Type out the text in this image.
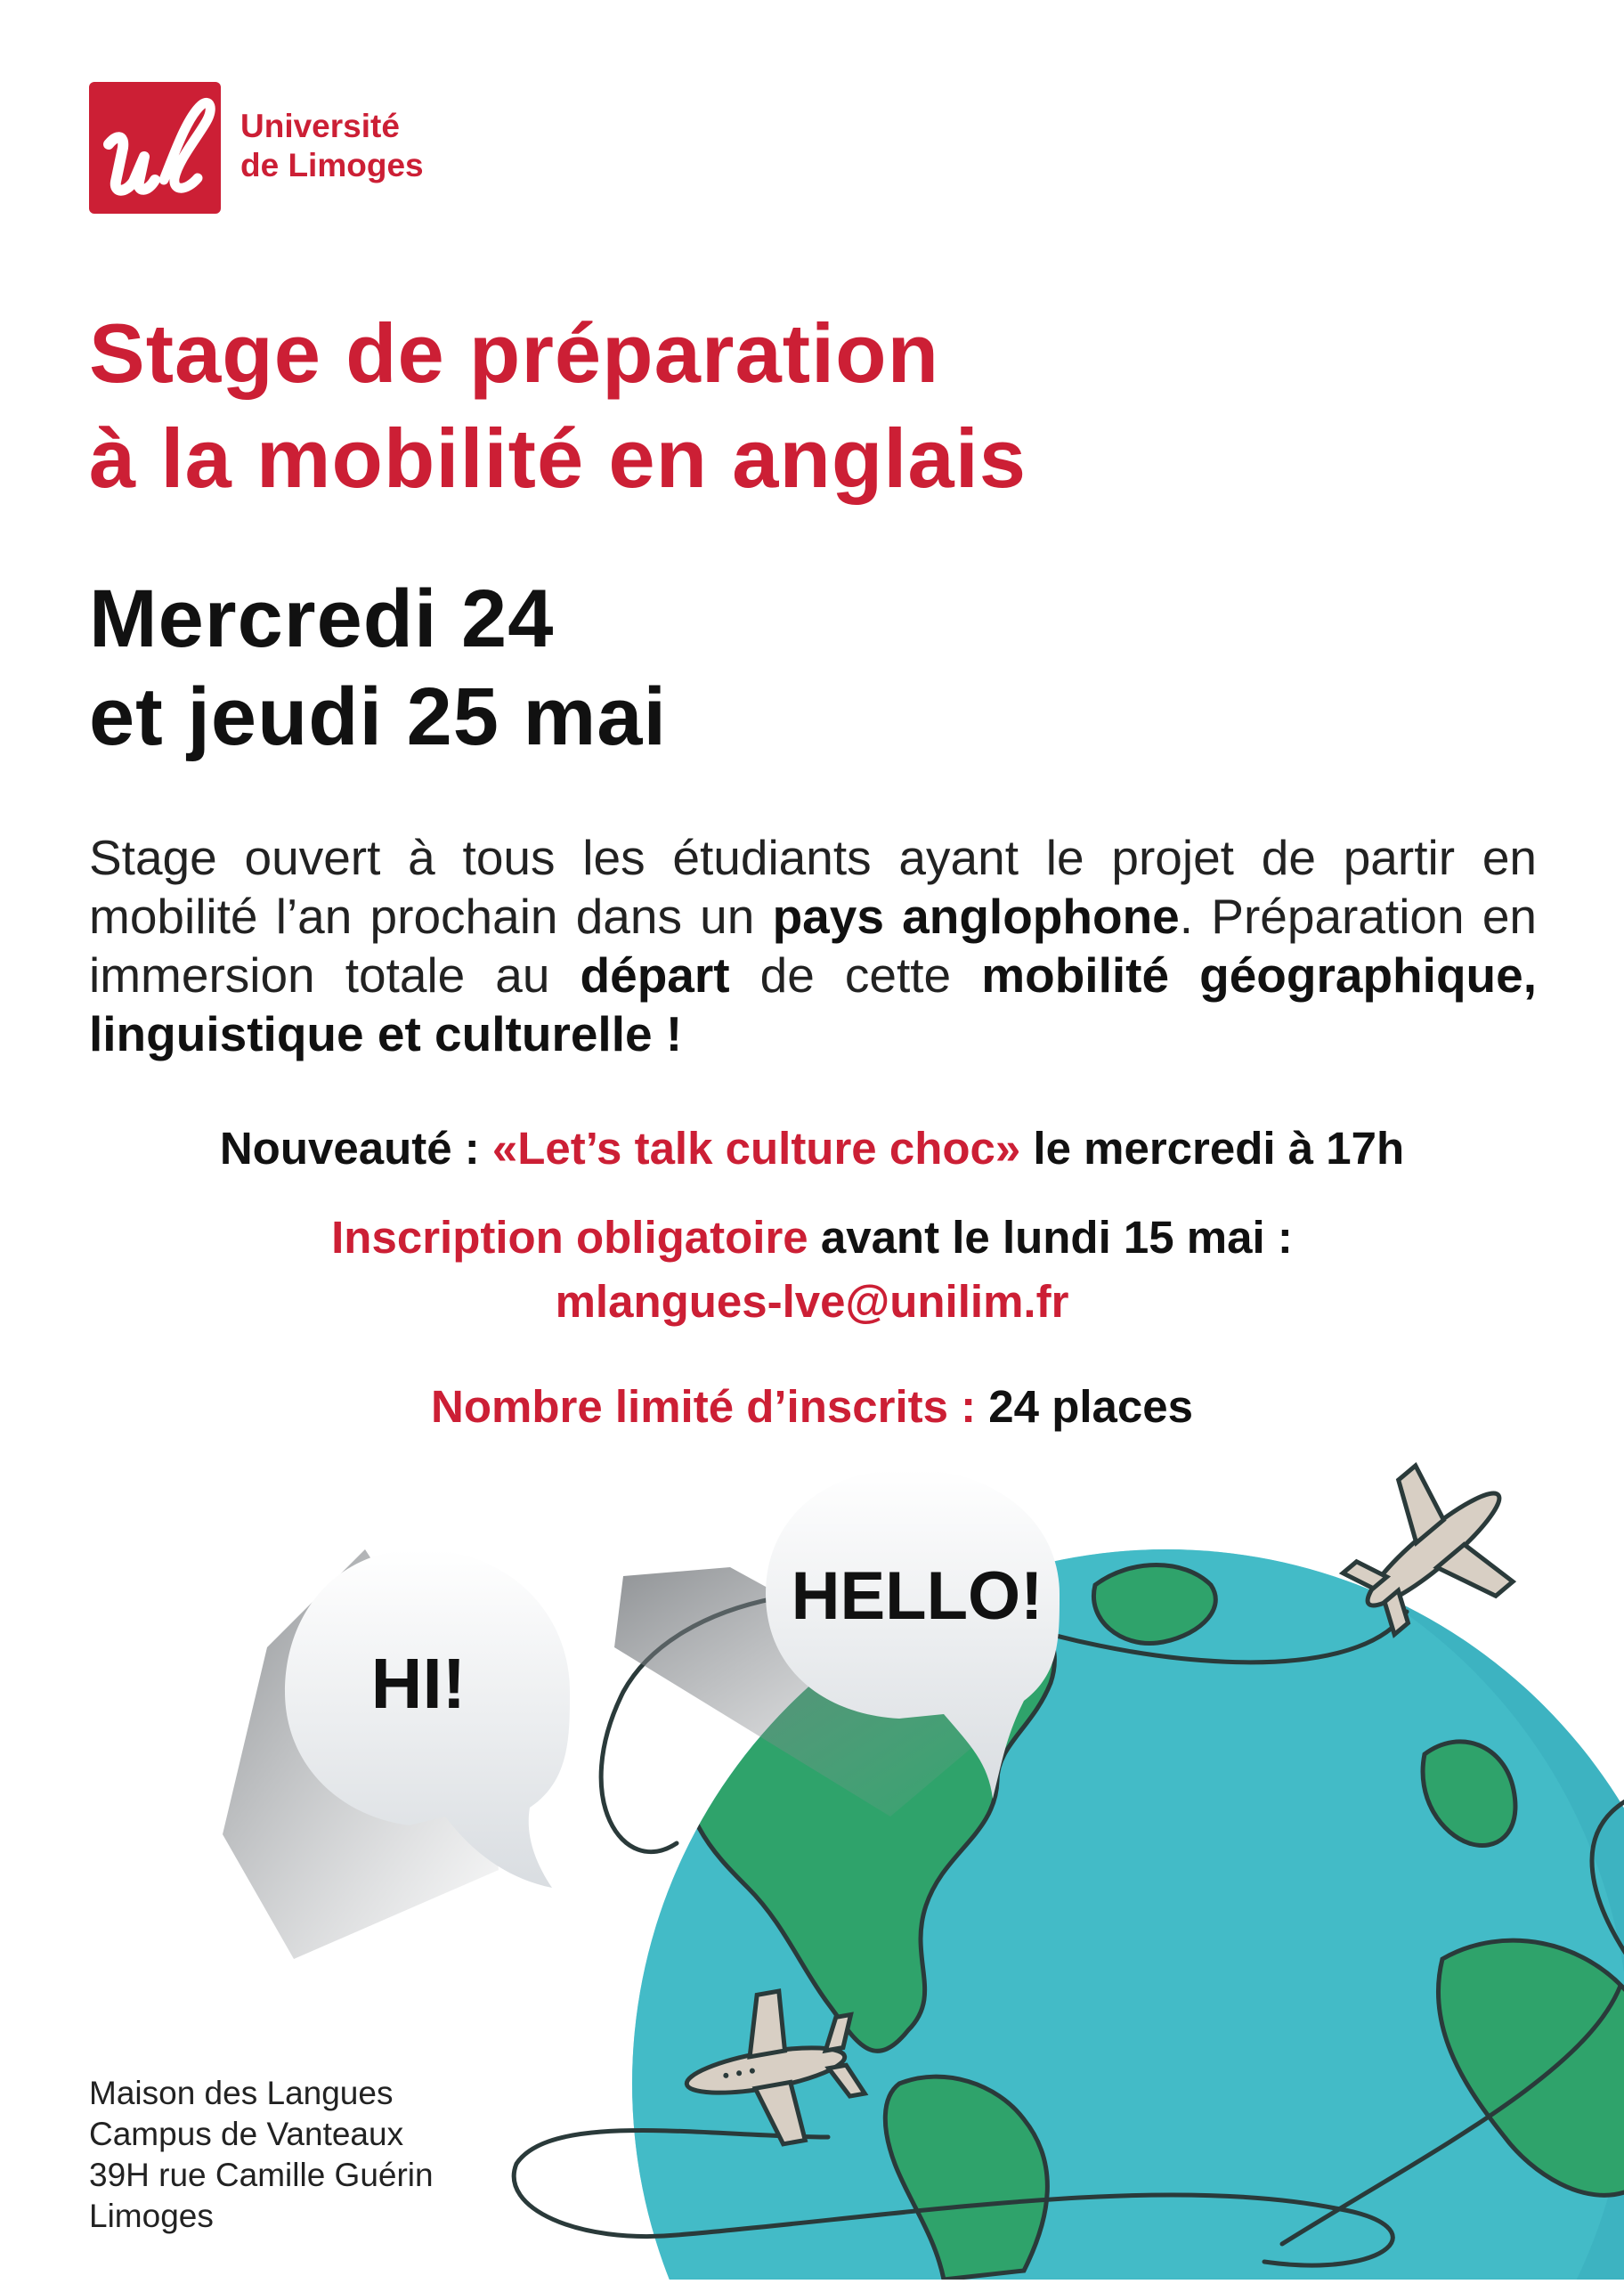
Université
de Limoges
Stage de préparation
à la mobilité en anglais
Mercredi 24
et jeudi 25 mai
Stage ouvert à tous les étudiants ayant le projet de partir en mobilité l’an prochain dans un pays anglophone. Préparation en immersion totale au départ de cette mobilité géographique, linguistique et culturelle !
Nouveauté : «Let’s talk culture choc» le mercredi à 17h
Inscription obligatoire avant le lundi 15 mai :
mlangues-lve@unilim.fr
Nombre limité d’inscrits : 24 places
HI!
HELLO!
Maison des Langues
Campus de Vanteaux
39H rue Camille Guérin
Limoges
